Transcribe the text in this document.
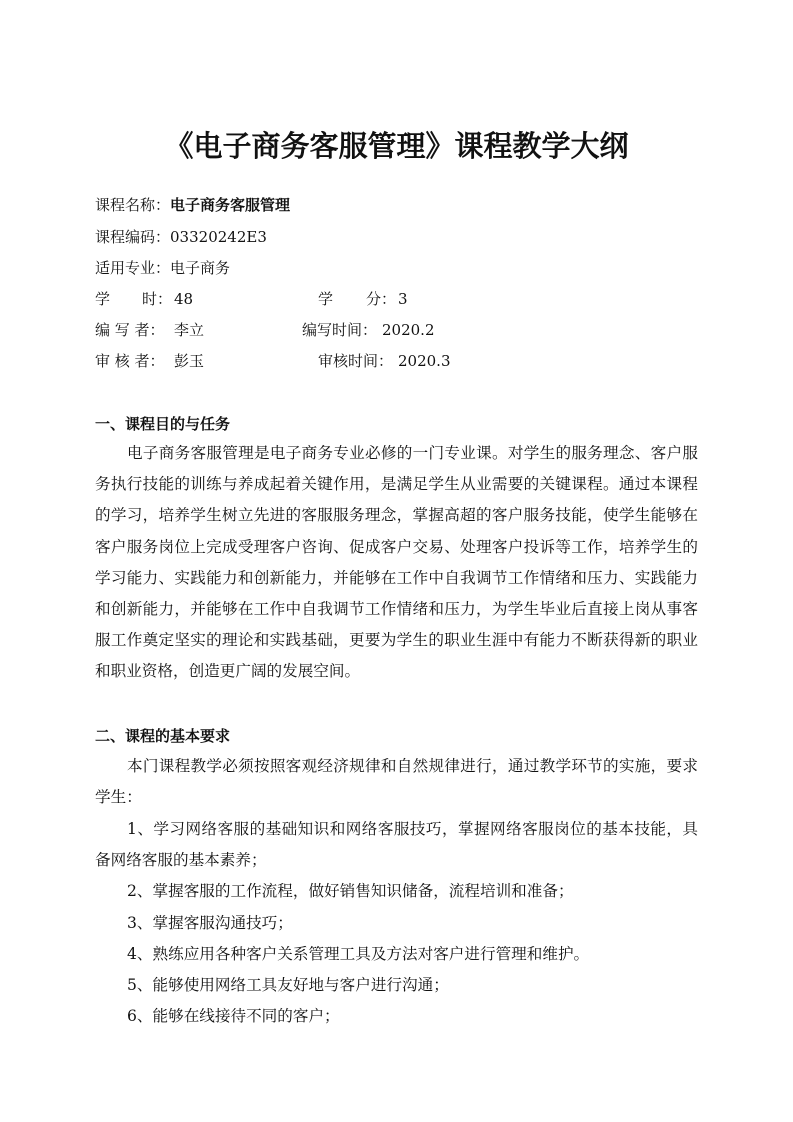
《电子商务客服管理》课程教学大纲
课程名称：电子商务客服管理
课程编码：03320242E3
适用专业：电子商务
学 时： 48	学 分： 3
编 写 者： 李立	编写时间： 2020.2
审 核 者： 彭玉	审核时间： 2020.3
一、课程目的与任务
电子商务客服管理是电子商务专业必修的一门专业课。对学生的服务理念、客户服务执行技能的训练与养成起着关键作用，是满足学生从业需要的关键课程。通过本课程的学习，培养学生树立先进的客服服务理念，掌握高超的客户服务技能，使学生能够在客户服务岗位上完成受理客户咨询、促成客户交易、处理客户投诉等工作，培养学生的学习能力、实践能力和创新能力，并能够在工作中自我调节工作情绪和压力、实践能力和创新能力，并能够在工作中自我调节工作情绪和压力，为学生毕业后直接上岗从事客服工作奠定坚实的理论和实践基础，更要为学生的职业生涯中有能力不断获得新的职业和职业资格，创造更广阔的发展空间。
二、课程的基本要求
本门课程教学必须按照客观经济规律和自然规律进行，通过教学环节的实施，要求学生：
1、学习网络客服的基础知识和网络客服技巧，掌握网络客服岗位的基本技能，具备网络客服的基本素养；
2、掌握客服的工作流程，做好销售知识储备，流程培训和准备；
3、掌握客服沟通技巧；
4、熟练应用各种客户关系管理工具及方法对客户进行管理和维护。
5、能够使用网络工具友好地与客户进行沟通；
6、能够在线接待不同的客户；
